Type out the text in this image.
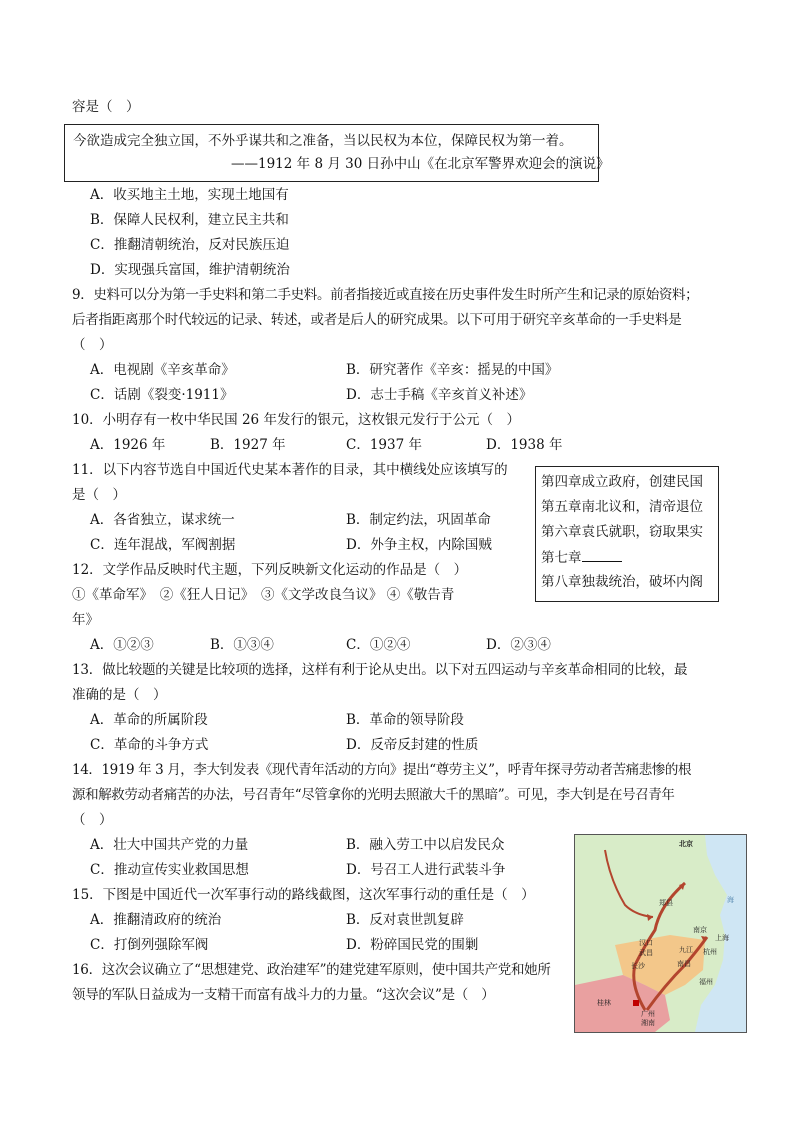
容是（　）
今欲造成完全独立国，不外乎谋共和之准备，当以民权为本位，保障民权为第一着。
——1912 年 8 月 30 日孙中山《在北京军警界欢迎会的演说》
A．收买地主土地，实现土地国有
B．保障人民权利，建立民主共和
C．推翻清朝统治，反对民族压迫
D．实现强兵富国，维护清朝统治
9．史料可以分为第一手史料和第二手史料。前者指接近或直接在历史事件发生时所产生和记录的原始资料；
后者指距离那个时代较远的记录、转述，或者是后人的研究成果。以下可用于研究辛亥革命的一手史料是
（　）
A．电视剧《辛亥革命》	B．研究著作《辛亥：摇晃的中国》
C．话剧《裂变·1911》	D．志士手稿《辛亥首义补述》
10．小明存有一枚中华民国 26 年发行的银元，这枚银元发行于公元（　）
A．1926 年	B．1927 年	C．1937 年	D．1938 年
11．以下内容节选自中国近代史某本著作的目录，其中横线处应该填写的
是（　）
A．各省独立，谋求统一	B．制定约法，巩固革命
C．连年混战，军阀割据	D．外争主权，内除国贼
第四章成立政府，创建民国
第五章南北议和，清帝退位
第六章袁氏就职，窃取果实
第七章
第八章独裁统治，破坏内阁
12．文学作品反映时代主题，下列反映新文化运动的作品是（　）
①《革命军》　②《狂人日记》　③《文学改良刍议》 ④《敬告青
年》
A．①②③	B．①③④	C．①②④	D．②③④
13．做比较题的关键是比较项的选择，这样有利于论从史出。以下对五四运动与辛亥革命相同的比较，最
准确的是（　）
A．革命的所属阶段	B．革命的领导阶段
C．革命的斗争方式	D．反帝反封建的性质
14．1919 年 3 月，李大钊发表《现代青年活动的方向》提出“尊劳主义”，呼青年探寻劳动者苦痛悲惨的根
源和解救劳动者痛苦的办法，号召青年“尽管拿你的光明去照澈大千的黑暗”。可见，李大钊是在号召青年
（　）
A．壮大中国共产党的力量	B．融入劳工中以启发民众
C．推动宣传实业救国思想	D．号召工人进行武装斗争
15．下图是中国近代一次军事行动的路线截图，这次军事行动的重任是（　）
A．推翻清政府的统治	B．反对袁世凯复辟
C．打倒列强除军阀	D．粉碎国民党的围剿
16．这次会议确立了“思想建党、政治建军”的建党建军原则，使中国共产党和她所
领导的军队日益成为一支精干而富有战斗力的力量。“这次会议”是（　）
北京
郑县
南京
上海
汉口
武昌	九江
南昌
杭州
长沙
福州
桂林
广州
湘南
海
